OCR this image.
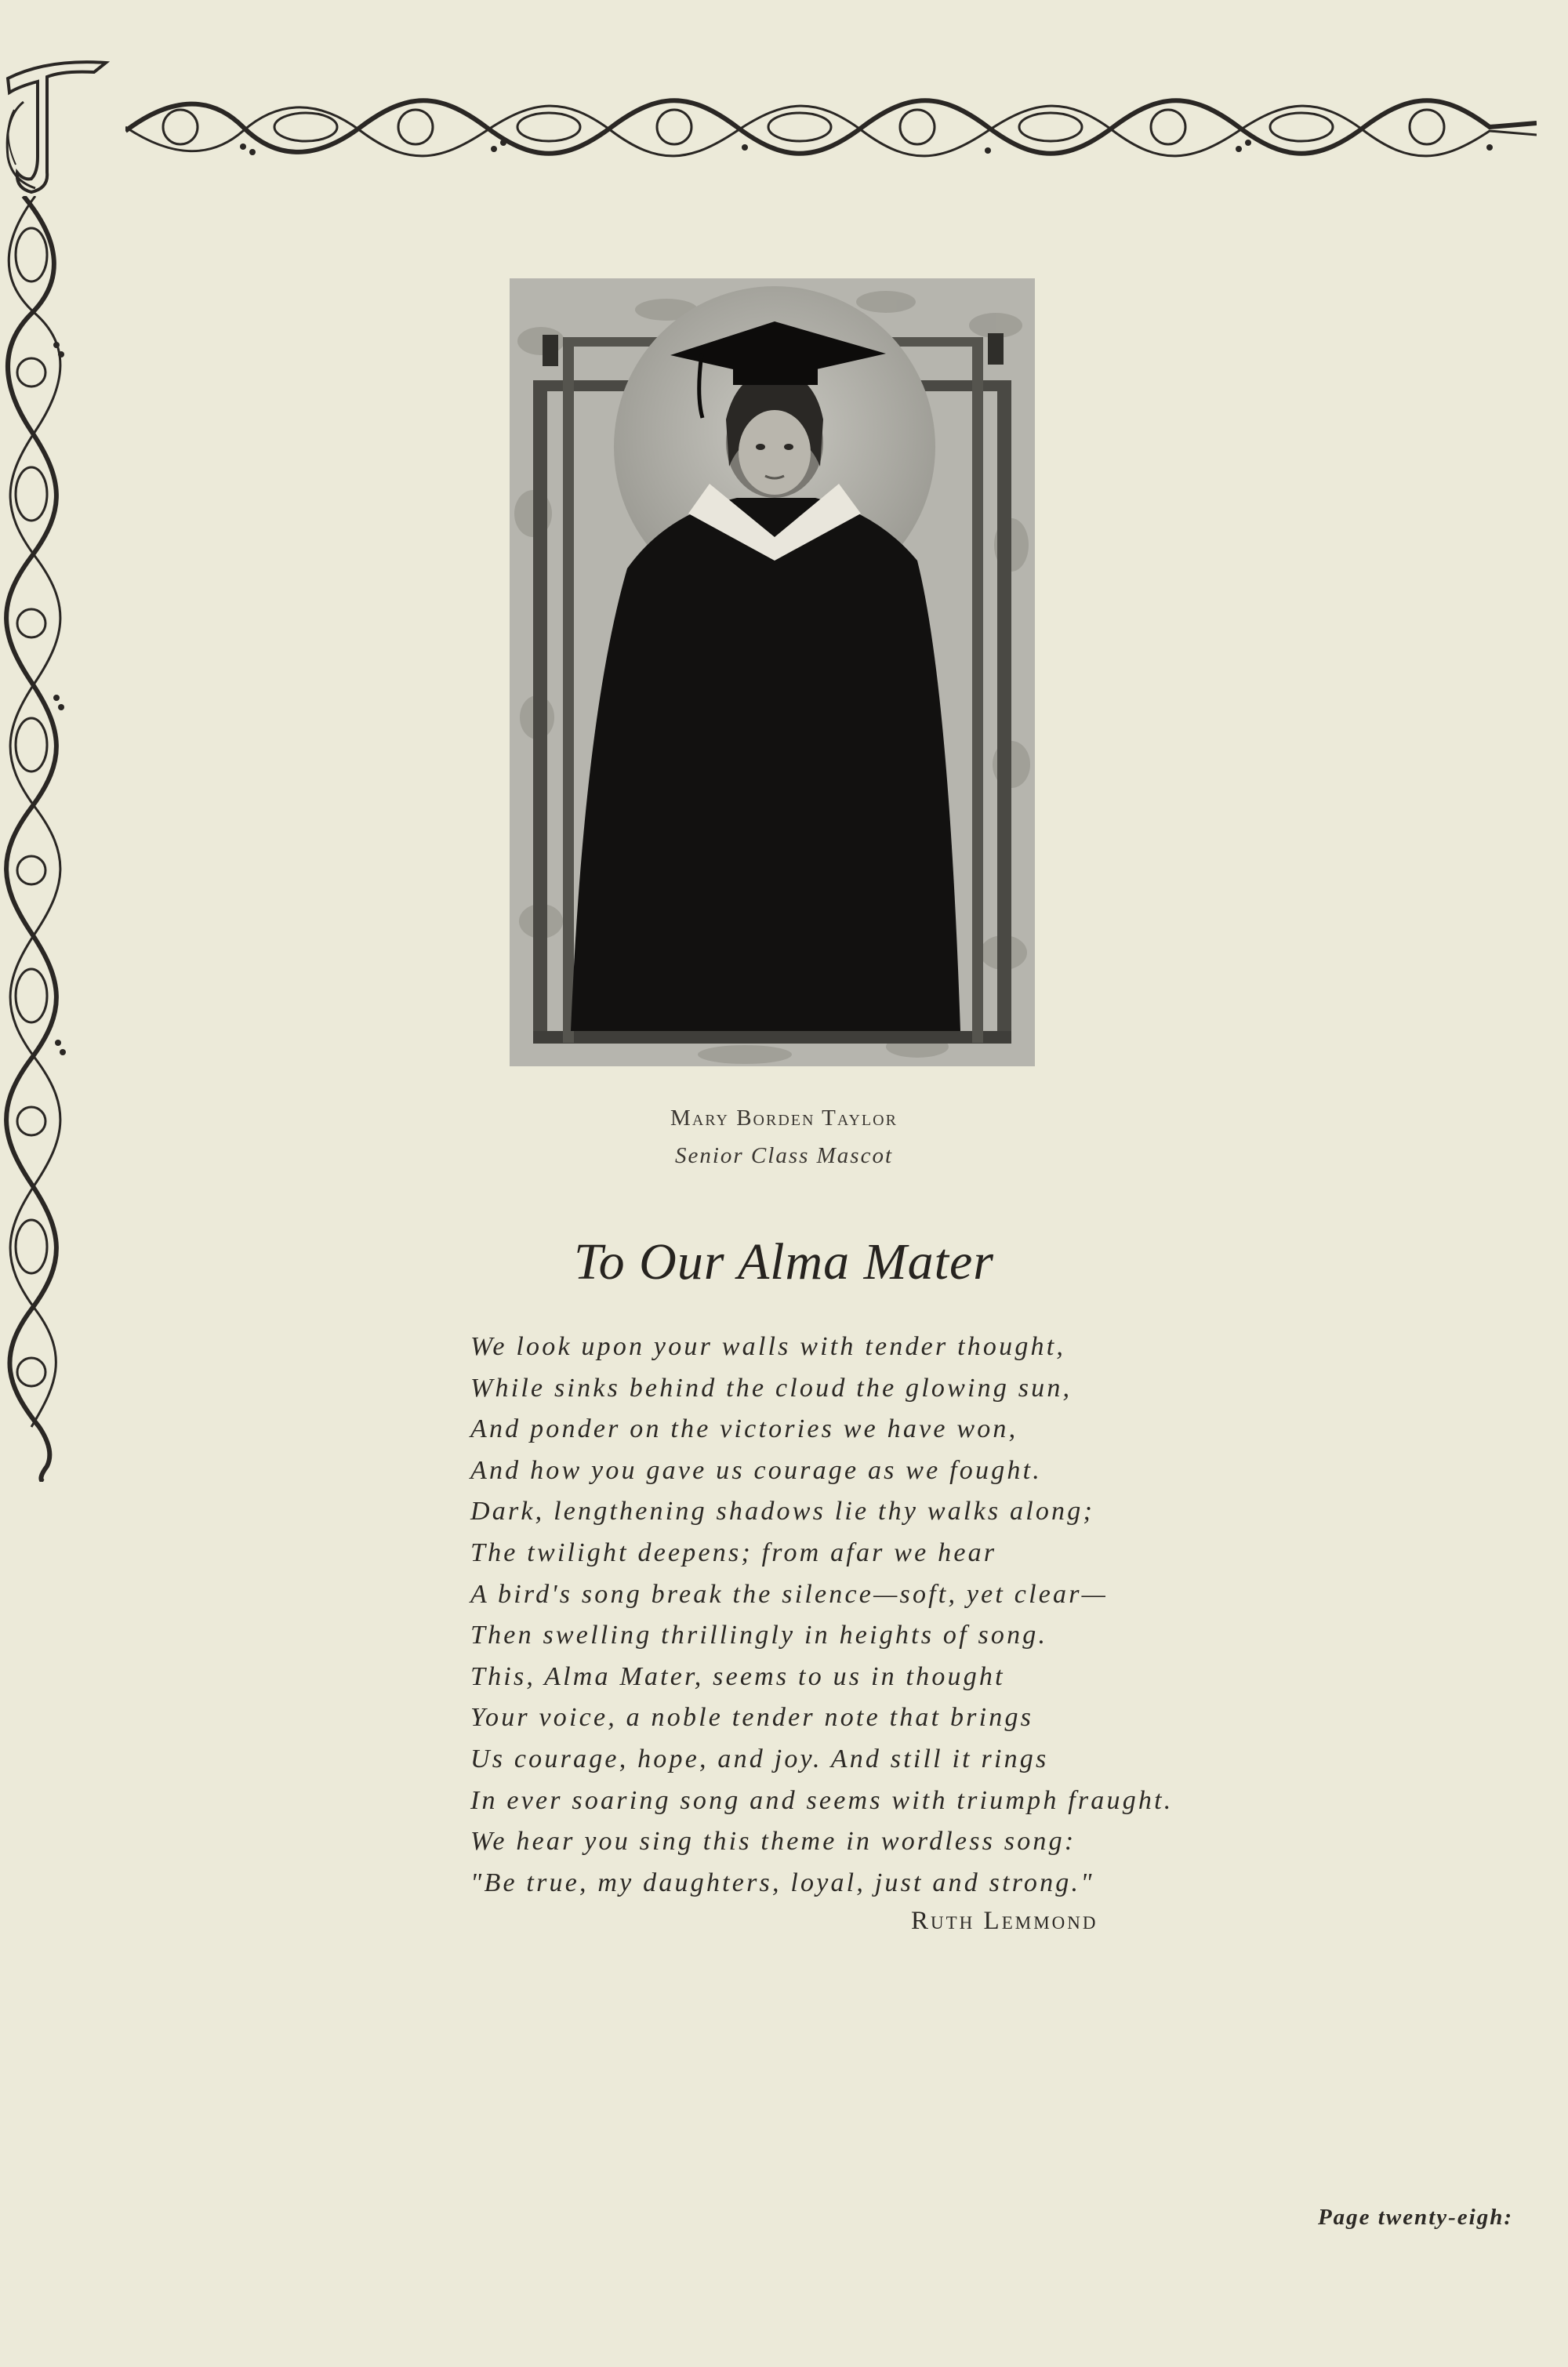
Mary Borden Taylor
Senior Class Mascot
To Our Alma Mater
We look upon your walls with tender thought,
While sinks behind the cloud the glowing sun,
And ponder on the victories we have won,
And how you gave us courage as we fought.
Dark, lengthening shadows lie thy walks along;
The twilight deepens; from afar we hear
A bird's song break the silence—soft, yet clear—
Then swelling thrillingly in heights of song.
This, Alma Mater, seems to us in thought
Your voice, a noble tender note that brings
Us courage, hope, and joy. And still it rings
In ever soaring song and seems with triumph fraught.
We hear you sing this theme in wordless song:
"Be true, my daughters, loyal, just and strong."
Ruth Lemmond
Page twenty-eigh:
